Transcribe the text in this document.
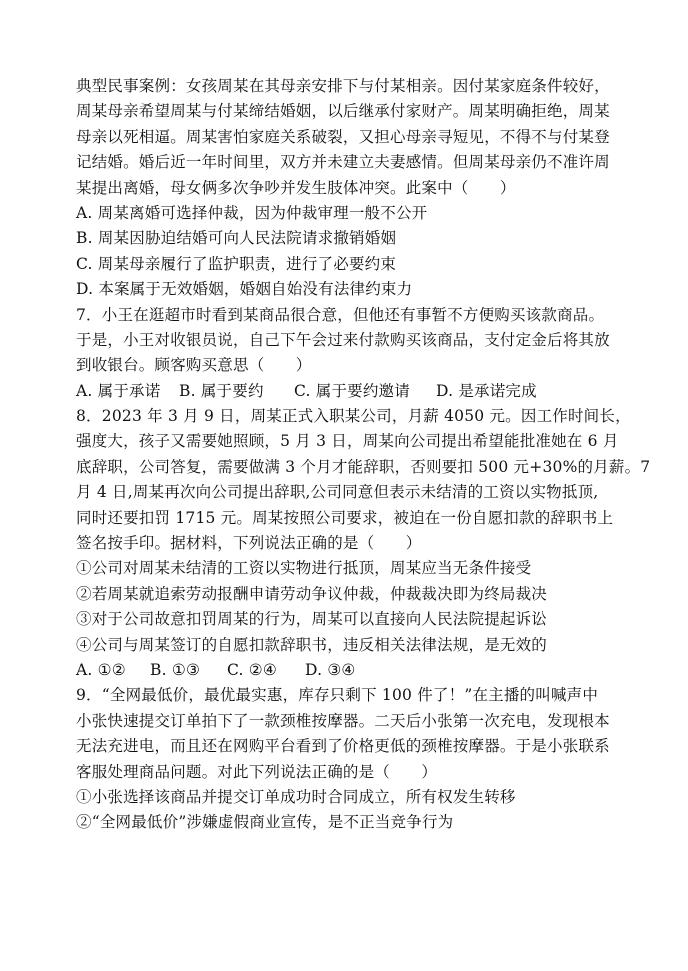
典型民事案例：女孩周某在其母亲安排下与付某相亲。因付某家庭条件较好，
周某母亲希望周某与付某缔结婚姻，以后继承付家财产。周某明确拒绝，周某
母亲以死相逼。周某害怕家庭关系破裂，又担心母亲寻短见，不得不与付某登
记结婚。婚后近一年时间里，双方并未建立夫妻感情。但周某母亲仍不准许周
某提出离婚，母女俩多次争吵并发生肢体冲突。此案中（　　）
A. 周某离婚可选择仲裁，因为仲裁审理一般不公开
B. 周某因胁迫结婚可向人民法院请求撤销婚姻
C. 周某母亲履行了监护职责，进行了必要约束
D. 本案属于无效婚姻，婚姻自始没有法律约束力
7．小王在逛超市时看到某商品很合意，但他还有事暂不方便购买该款商品。
于是，小王对收银员说，自己下午会过来付款购买该商品，支付定金后将其放
到收银台。顾客购买意思（　　）
A. 属于承诺	B. 属于要约	C. 属于要约邀请	D. 是承诺完成
8．2023 年 3 月 9 日，周某正式入职某公司，月薪 4050 元。因工作时间长，
强度大，孩子又需要她照顾，5 月 3 日，周某向公司提出希望能批准她在 6 月
底辞职，公司答复，需要做满 3 个月才能辞职，否则要扣 500 元+30%的月薪。7
月 4 日,周某再次向公司提出辞职,公司同意但表示未结清的工资以实物抵顶,
同时还要扣罚 1715 元。周某按照公司要求，被迫在一份自愿扣款的辞职书上
签名按手印。据材料，下列说法正确的是（　　）
①公司对周某未结清的工资以实物进行抵顶，周某应当无条件接受
②若周某就追索劳动报酬申请劳动争议仲裁，仲裁裁决即为终局裁决
③对于公司故意扣罚周某的行为，周某可以直接向人民法院提起诉讼
④公司与周某签订的自愿扣款辞职书，违反相关法律法规，是无效的
A. ①②	B. ①③	C. ②④	D. ③④
9．“全网最低价，最优最实惠，库存只剩下 100 件了！”在主播的叫喊声中
小张快速提交订单拍下了一款颈椎按摩器。二天后小张第一次充电，发现根本
无法充进电，而且还在网购平台看到了价格更低的颈椎按摩器。于是小张联系
客服处理商品问题。对此下列说法正确的是（　　）
①小张选择该商品并提交订单成功时合同成立，所有权发生转移
②“全网最低价”涉嫌虚假商业宣传，是不正当竞争行为
